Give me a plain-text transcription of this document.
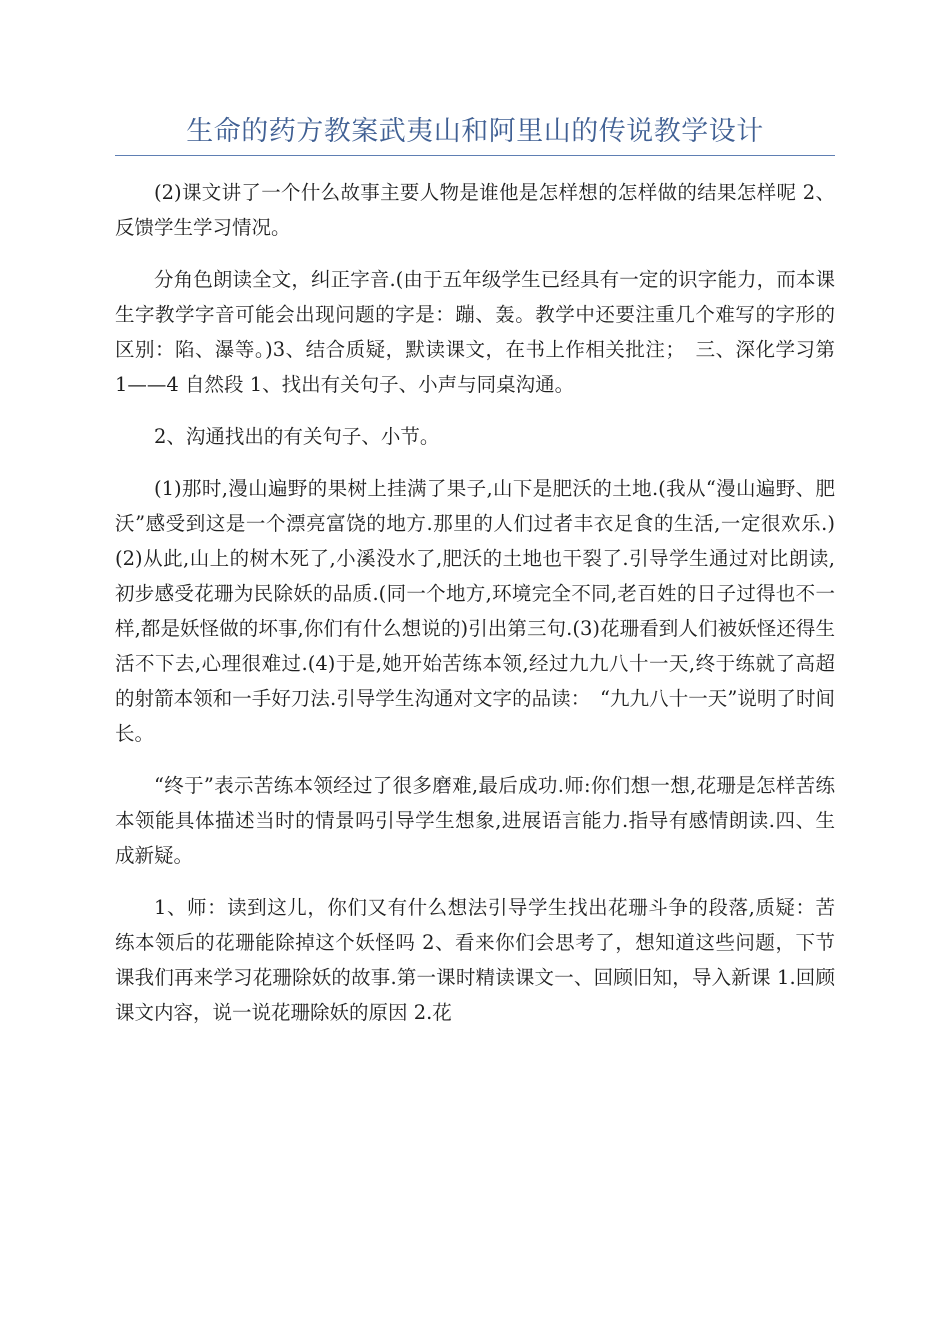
生命的药方教案武夷山和阿里山的传说教学设计

(2)课文讲了一个什么故事主要人物是谁他是怎样想的怎样做的结果怎样呢 2、反馈学生学习情况。

分角色朗读全文，纠正字音.(由于五年级学生已经具有一定的识字能力，而本课生字教学字音可能会出现问题的字是：蹦、轰。教学中还要注重几个难写的字形的区别：陷、瀑等。)3、结合质疑，默读课文，在书上作相关批注；　三、深化学习第 1——4 自然段 1、找出有关句子、小声与同桌沟通。

2、沟通找出的有关句子、小节。

(1)那时,漫山遍野的果树上挂满了果子,山下是肥沃的土地.(我从“漫山遍野、肥沃”感受到这是一个漂亮富饶的地方.那里的人们过者丰衣足食的生活,一定很欢乐.)(2)从此,山上的树木死了,小溪没水了,肥沃的土地也干裂了.引导学生通过对比朗读,初步感受花珊为民除妖的品质.(同一个地方,环境完全不同,老百姓的日子过得也不一样,都是妖怪做的坏事,你们有什么想说的)引出第三句.(3)花珊看到人们被妖怪还得生活不下去,心理很难过.(4)于是,她开始苦练本领,经过九九八十一天,终于练就了高超的射箭本领和一手好刀法.引导学生沟通对文字的品读：　“九九八十一天”说明了时间长。

“终于”表示苦练本领经过了很多磨难,最后成功.师:你们想一想,花珊是怎样苦练本领能具体描述当时的情景吗引导学生想象,进展语言能力.指导有感情朗读.四、生成新疑。

1、师：读到这儿，你们又有什么想法引导学生找出花珊斗争的段落,质疑：苦练本领后的花珊能除掉这个妖怪吗 2、看来你们会思考了，想知道这些问题，下节课我们再来学习花珊除妖的故事.第一课时精读课文一、回顾旧知，导入新课 1.回顾课文内容，说一说花珊除妖的原因 2.花
